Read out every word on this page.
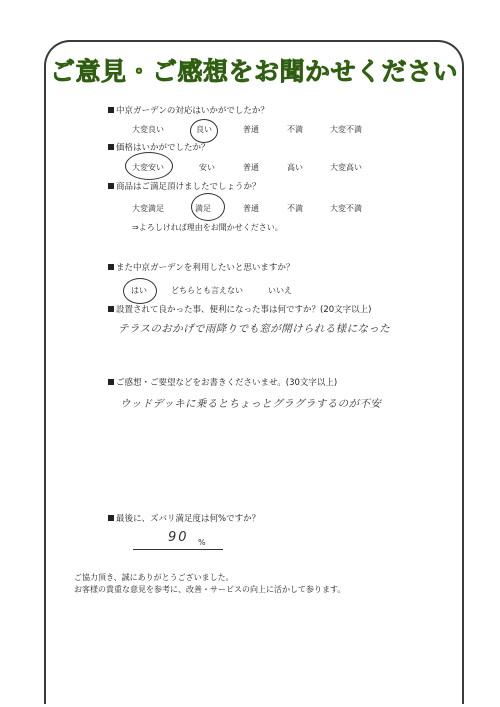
ご意見・ご感想をお聞かせください
中京ガーデンの対応はいかがでしたか？
大変良い	良い	普通	不満	大変不満
価格はいかがでしたか？
大変安い	安い	普通	高い	大変高い
商品はご満足頂けましたでしょうか？
大変満足	満足	普通	不満	大変不満
⇒よろしければ理由をお聞かせください。
また中京ガーデンを利用したいと思いますか？
はい	どちらとも言えない	いいえ
設置されて良かった事、便利になった事は何ですか？(20文字以上)
テラスのおかげで雨降りでも窓が開けられる様になった
ご感想・ご要望などをお書きくださいませ。(30文字以上)
ウッドデッキに乗るとちょっとグラグラするのが不安
最後に、ズバリ満足度は何%ですか？
90 %
ご協力頂き、誠にありがとうございました。
お客様の貴重な意見を参考に、改善・サービスの向上に活かして参ります。
